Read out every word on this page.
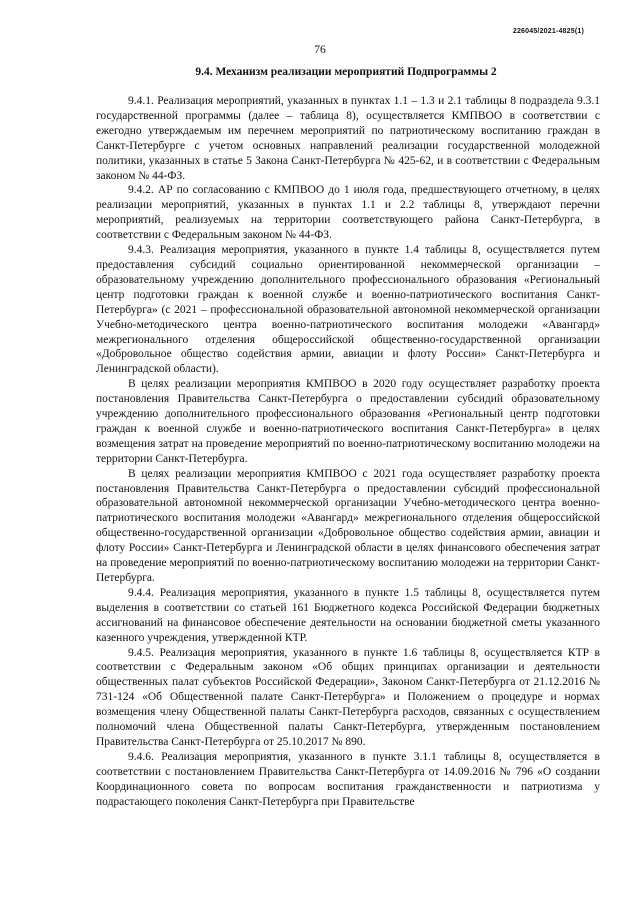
226045/2021-4825(1)
76
9.4. Механизм реализации мероприятий Подпрограммы 2

9.4.1. Реализация мероприятий, указанных в пунктах 1.1 – 1.3 и 2.1 таблицы 8 подраздела 9.3.1 государственной программы (далее – таблица 8), осуществляется КМПВОО в соответствии с ежегодно утверждаемым им перечнем мероприятий по патриотическому воспитанию граждан в Санкт-Петербурге с учетом основных направлений реализации государственной молодежной политики, указанных в статье 5 Закона Санкт-Петербурга № 425-62, и в соответствии с Федеральным законом № 44-ФЗ.

9.4.2. АР по согласованию с КМПВОО до 1 июля года, предшествующего отчетному, в целях реализации мероприятий, указанных в пунктах 1.1 и 2.2 таблицы 8, утверждают перечни мероприятий, реализуемых на территории соответствующего района Санкт-Петербурга, в соответствии с Федеральным законом № 44-ФЗ.

9.4.3. Реализация мероприятия, указанного в пункте 1.4 таблицы 8, осуществляется путем предоставления субсидий социально ориентированной некоммерческой организации – образовательному учреждению дополнительного профессионального образования «Региональный центр подготовки граждан к военной службе и военно-патриотического воспитания Санкт-Петербурга» (с 2021 – профессиональной образовательной автономной некоммерческой организации Учебно-методического центра военно-патриотического воспитания молодежи «Авангард» межрегионального отделения общероссийской общественно-государственной организации «Добровольное общество содействия армии, авиации и флоту России» Санкт-Петербурга и Ленинградской области).

В целях реализации мероприятия КМПВОО в 2020 году осуществляет разработку проекта постановления Правительства Санкт-Петербурга о предоставлении субсидий образовательному учреждению дополнительного профессионального образования «Региональный центр подготовки граждан к военной службе и военно-патриотического воспитания Санкт-Петербурга» в целях возмещения затрат на проведение мероприятий по военно-патриотическому воспитанию молодежи на территории Санкт-Петербурга.

В целях реализации мероприятия КМПВОО с 2021 года осуществляет разработку проекта постановления Правительства Санкт-Петербурга о предоставлении субсидий профессиональной образовательной автономной некоммерческой организации Учебно-методического центра военно-патриотического воспитания молодежи «Авангард» межрегионального отделения общероссийской общественно-государственной организации «Добровольное общество содействия армии, авиации и флоту России» Санкт-Петербурга и Ленинградской области в целях финансового обеспечения затрат на проведение мероприятий по военно-патриотическому воспитанию молодежи на территории Санкт-Петербурга.

9.4.4. Реализация мероприятия, указанного в пункте 1.5 таблицы 8, осуществляется путем выделения в соответствии со статьей 161 Бюджетного кодекса Российской Федерации бюджетных ассигнований на финансовое обеспечение деятельности на основании бюджетной сметы указанного казенного учреждения, утвержденной КТР.

9.4.5. Реализация мероприятия, указанного в пункте 1.6 таблицы 8, осуществляется КТР в соответствии с Федеральным законом «Об общих принципах организации и деятельности общественных палат субъектов Российской Федерации», Законом Санкт-Петербурга от 21.12.2016 № 731-124 «Об Общественной палате Санкт-Петербурга» и Положением о процедуре и нормах возмещения члену Общественной палаты Санкт-Петербурга расходов, связанных с осуществлением полномочий члена Общественной палаты Санкт-Петербурга, утвержденным постановлением Правительства Санкт-Петербурга от 25.10.2017 № 890.

9.4.6. Реализация мероприятия, указанного в пункте 3.1.1 таблицы 8, осуществляется в соответствии с постановлением Правительства Санкт-Петербурга от 14.09.2016 № 796 «О создании Координационного совета по вопросам воспитания гражданственности и патриотизма у подрастающего поколения Санкт-Петербурга при Правительстве
